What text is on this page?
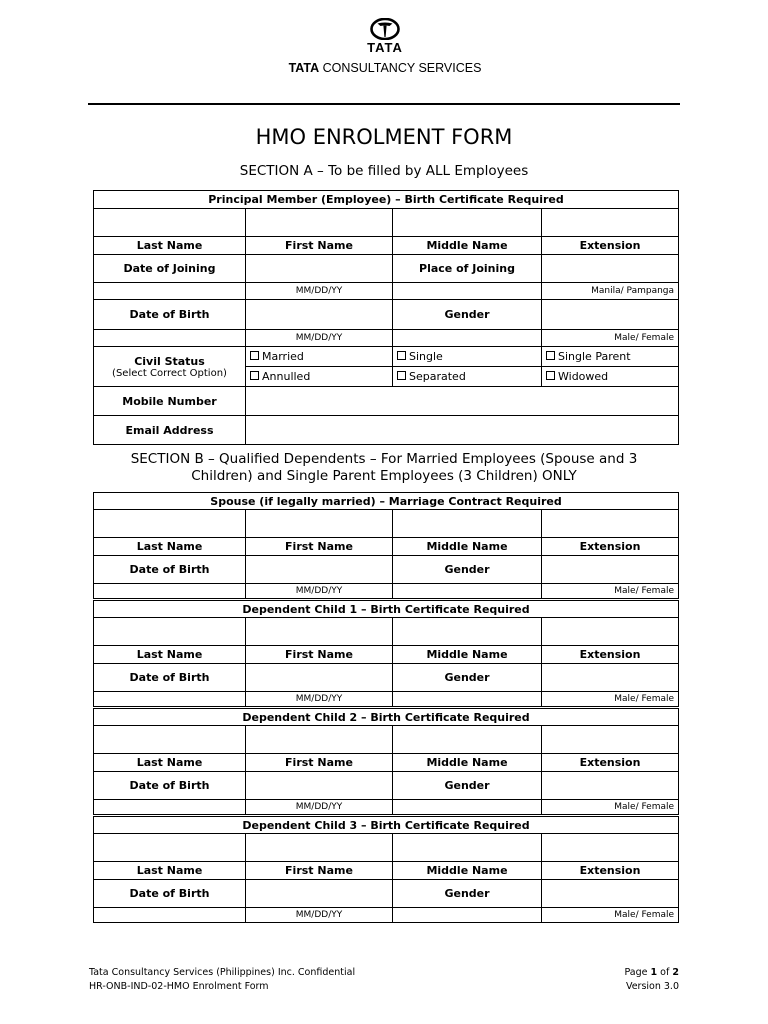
TATA
TATA CONSULTANCY SERVICES
HMO ENROLMENT FORM
SECTION A – To be filled by ALL Employees
Principal Member (Employee) – Birth Certificate Required			

Last Name	First Name	Middle Name	Extension
Date of Joining		Place of Joining	
	MM/DD/YY		Manila/ Pampanga
Date of Birth		Gender	
	MM/DD/YY		Male/ Female
Civil Status
(Select Correct Option)	Married	Single	Single Parent
	Annulled	Separated	Widowed
Mobile Number			
Email Address			
SECTION B – Qualified Dependents – For Married Employees (Spouse and 3
Children) and Single Parent Employees (3 Children) ONLY
Spouse (if legally married) – Marriage Contract Required			

Last Name	First Name	Middle Name	Extension
Date of Birth		Gender	
	MM/DD/YY		Male/ Female
Dependent Child 1 – Birth Certificate Required			

Last Name	First Name	Middle Name	Extension
Date of Birth		Gender	
	MM/DD/YY		Male/ Female
Dependent Child 2 – Birth Certificate Required			

Last Name	First Name	Middle Name	Extension
Date of Birth		Gender	
	MM/DD/YY		Male/ Female
Dependent Child 3 – Birth Certificate Required			

Last Name	First Name	Middle Name	Extension
Date of Birth		Gender	
	MM/DD/YY		Male/ Female
Tata Consultancy Services (Philippines) Inc. Confidential
HR-ONB-IND-02-HMO Enrolment Form
Page 1 of 2
Version 3.0
